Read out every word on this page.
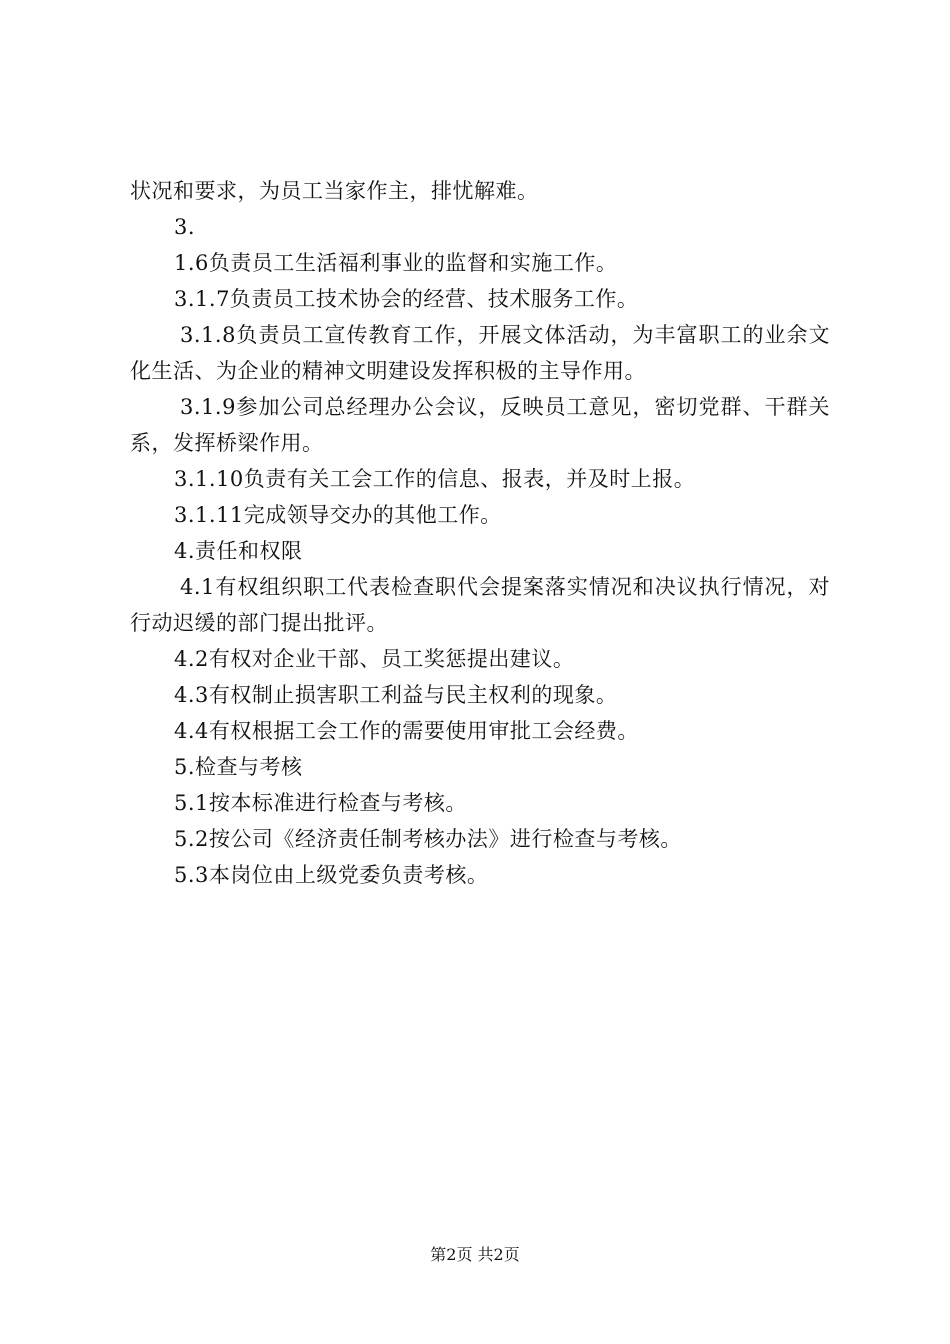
状况和要求，为员工当家作主，排忧解难。

3.

1.6负责员工生活福利事业的监督和实施工作。

3.1.7负责员工技术协会的经营、技术服务工作。

3.1.8负责员工宣传教育工作，开展文体活动，为丰富职工的业余文化生活、为企业的精神文明建设发挥积极的主导作用。

3.1.9参加公司总经理办公会议，反映员工意见，密切党群、干群关系，发挥桥梁作用。

3.1.10负责有关工会工作的信息、报表，并及时上报。

3.1.11完成领导交办的其他工作。

4.责任和权限

4.1有权组织职工代表检查职代会提案落实情况和决议执行情况，对行动迟缓的部门提出批评。

4.2有权对企业干部、员工奖惩提出建议。

4.3有权制止损害职工利益与民主权利的现象。

4.4有权根据工会工作的需要使用审批工会经费。

5.检查与考核

5.1按本标准进行检查与考核。

5.2按公司《经济责任制考核办法》进行检查与考核。

5.3本岗位由上级党委负责考核。

第2页 共2页
